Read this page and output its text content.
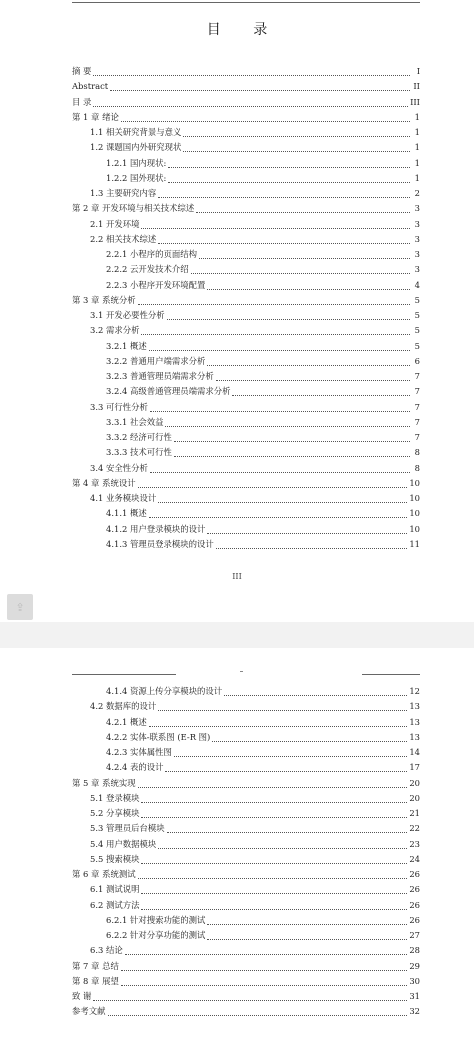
目 录
摘 要	I
Abstract	II
目 录	III
第 1 章 绪论	1
1.1 相关研究背景与意义	1
1.2 课题国内外研究现状	1
1.2.1 国内现状:	1
1.2.2 国外现状:	1
1.3 主要研究内容	2
第 2 章 开发环境与相关技术综述	3
2.1 开发环境	3
2.2 相关技术综述	3
2.2.1 小程序的页面结构	3
2.2.2 云开发技术介绍	3
2.2.3 小程序开发环境配置	4
第 3 章 系统分析	5
3.1 开发必要性分析	5
3.2 需求分析	5
3.2.1 概述	5
3.2.2 普通用户端需求分析	6
3.2.3 普通管理员端需求分析	7
3.2.4 高级普通管理员端需求分析	7
3.3 可行性分析	7
3.3.1 社会效益	7
3.3.2 经济可行性	7
3.3.3 技术可行性	8
3.4 安全性分析	8
第 4 章 系统设计	10
4.1 业务模块设计	10
4.1.1 概述	10
4.1.2 用户登录模块的设计	10
4.1.3 管理员登录模块的设计	11
III
⇪
4.1.4 资源上传分享模块的设计	12
4.2 数据库的设计	13
4.2.1 概述	13
4.2.2 实体-联系图 (E-R 图)	13
4.2.3 实体属性图	14
4.2.4 表的设计	17
第 5 章 系统实现	20
5.1 登录模块	20
5.2 分享模块	21
5.3 管理员后台模块	22
5.4 用户数据模块	23
5.5 搜索模块	24
第 6 章 系统测试	26
6.1 测试说明	26
6.2 测试方法	26
6.2.1 针对搜索功能的测试	26
6.2.2 针对分享功能的测试	27
6.3 结论	28
第 7 章 总结	29
第 8 章 展望	30
致 谢	31
参考文献	32
